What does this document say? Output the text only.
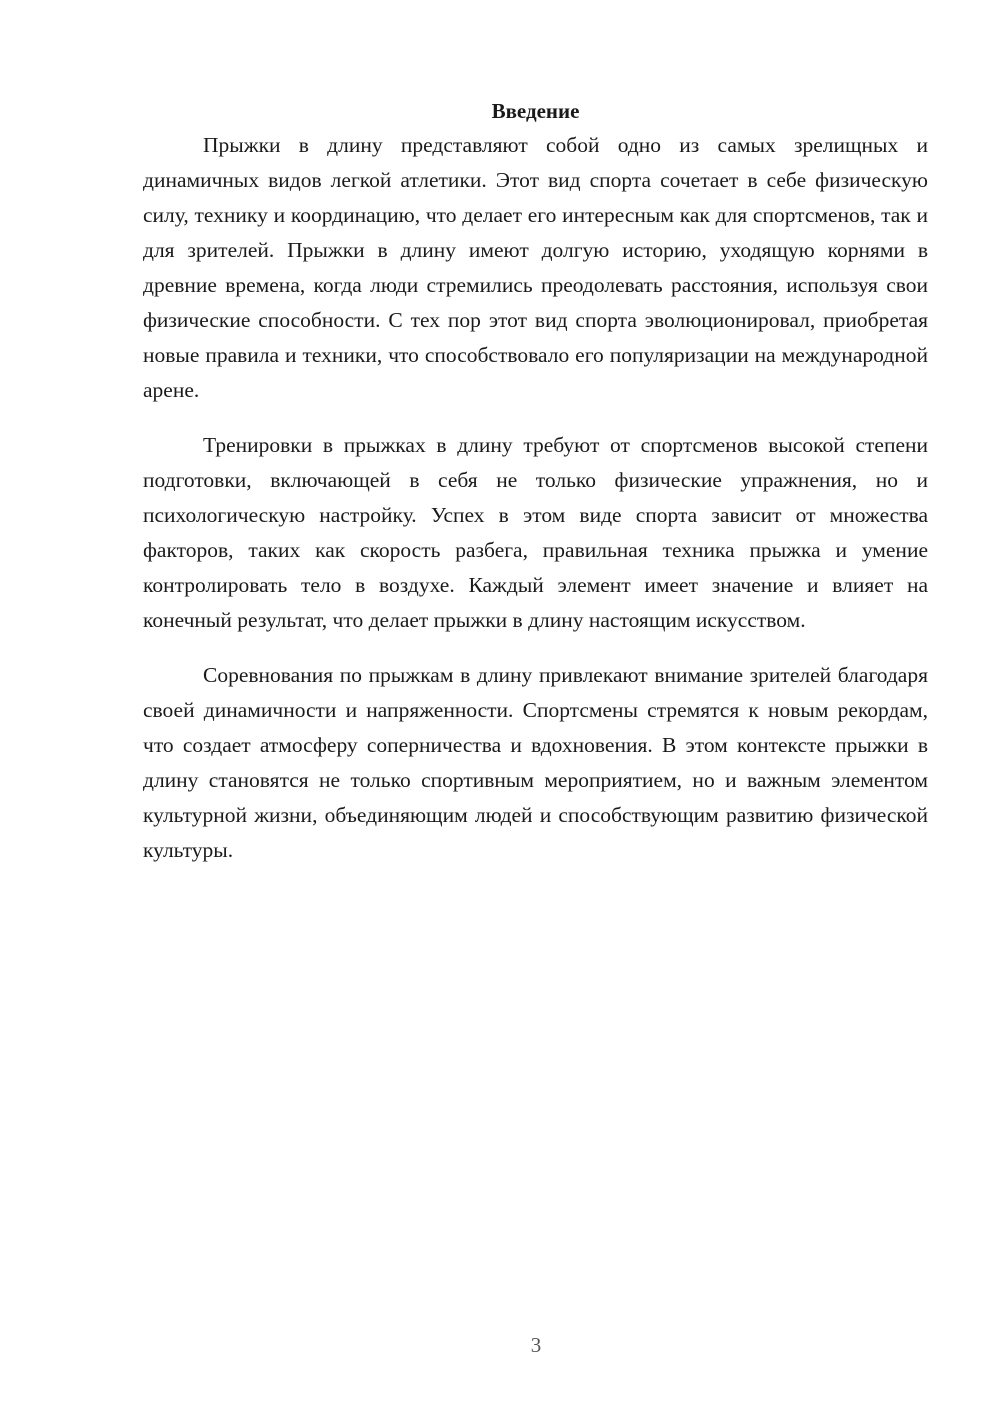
Введение

Прыжки в длину представляют собой одно из самых зрелищных и динамичных видов легкой атлетики. Этот вид спорта сочетает в себе физическую силу, технику и координацию, что делает его интересным как для спортсменов, так и для зрителей. Прыжки в длину имеют долгую историю, уходящую корнями в древние времена, когда люди стремились преодолевать расстояния, используя свои физические способности. С тех пор этот вид спорта эволюционировал, приобретая новые правила и техники, что способствовало его популяризации на международной арене.

Тренировки в прыжках в длину требуют от спортсменов высокой степени подготовки, включающей в себя не только физические упражнения, но и психологическую настройку. Успех в этом виде спорта зависит от множества факторов, таких как скорость разбега, правильная техника прыжка и умение контролировать тело в воздухе. Каждый элемент имеет значение и влияет на конечный результат, что делает прыжки в длину настоящим искусством.

Соревнования по прыжкам в длину привлекают внимание зрителей благодаря своей динамичности и напряженности. Спортсмены стремятся к новым рекордам, что создает атмосферу соперничества и вдохновения. В этом контексте прыжки в длину становятся не только спортивным мероприятием, но и важным элементом культурной жизни, объединяющим людей и способствующим развитию физической культуры.

3
